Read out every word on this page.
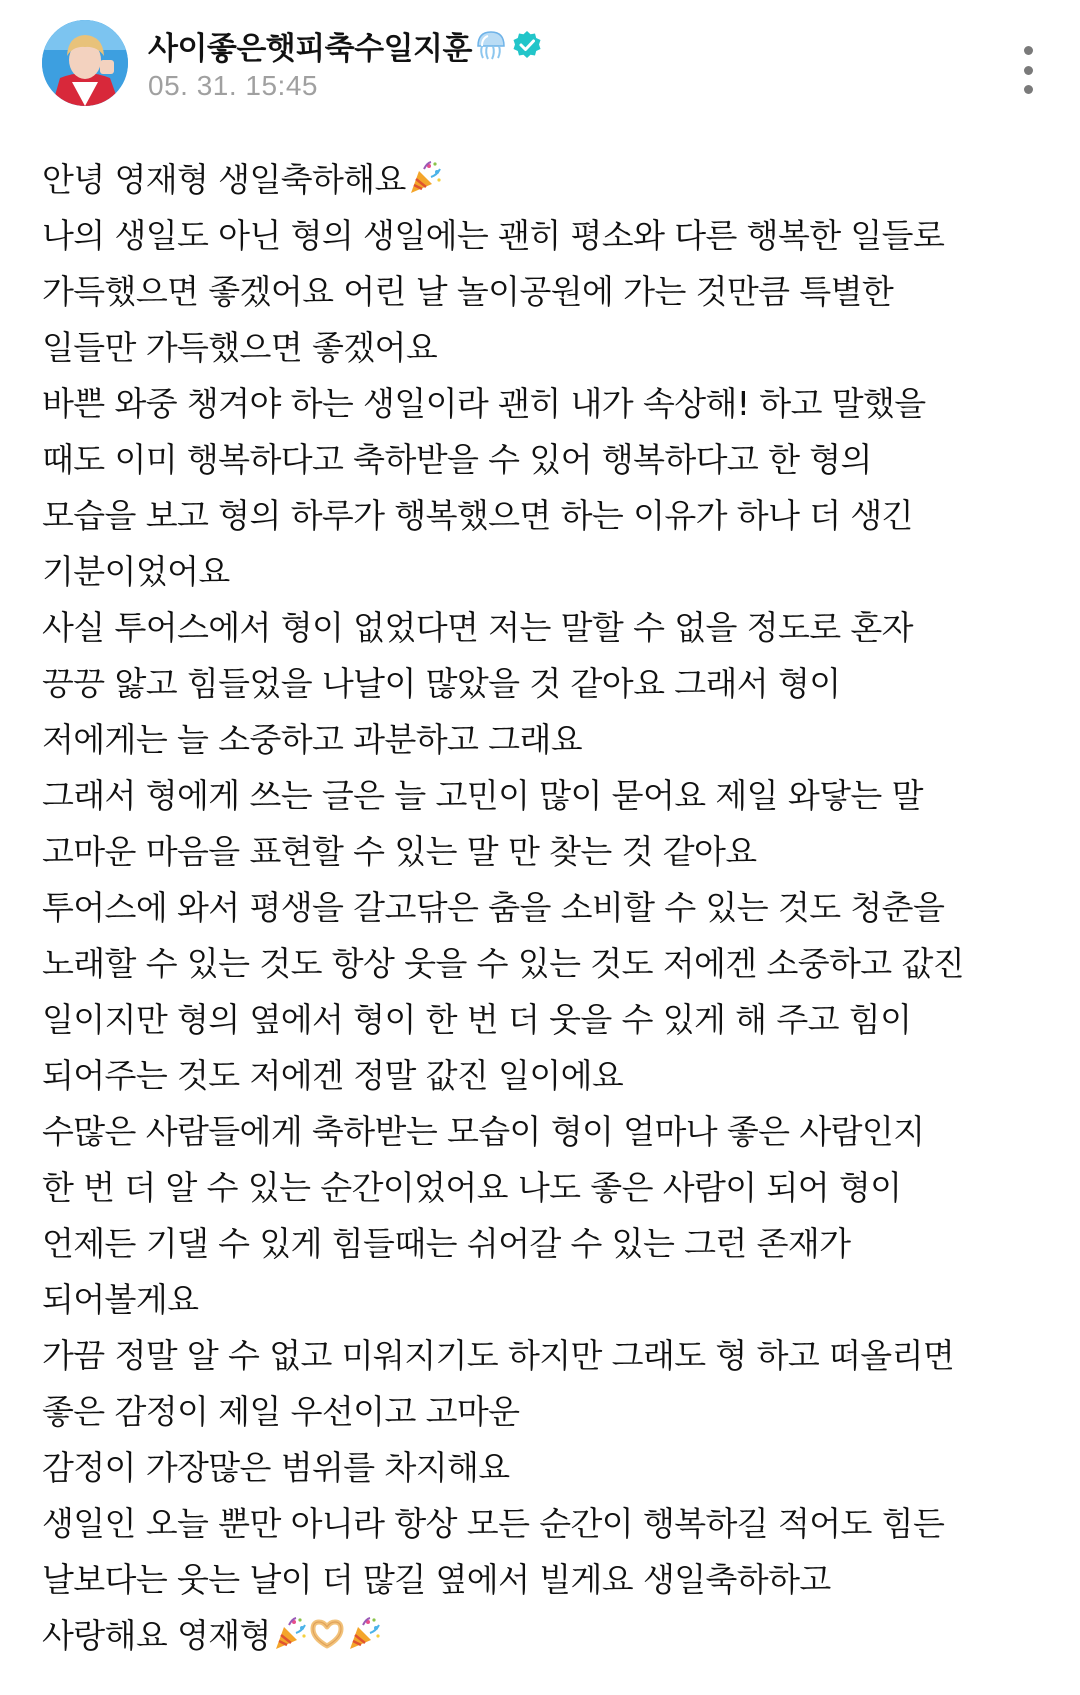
사이좋은햇피축수일지훈
05. 31. 15:45
안녕 영재형 생일축하해요
나의 생일도 아닌 형의 생일에는 괜히 평소와 다른 행복한 일들로
가득했으면 좋겠어요 어린 날 놀이공원에 가는 것만큼 특별한
일들만 가득했으면 좋겠어요
바쁜 와중 챙겨야 하는 생일이라 괜히 내가 속상해! 하고 말했을
때도 이미 행복하다고 축하받을 수 있어 행복하다고 한 형의
모습을 보고 형의 하루가 행복했으면 하는 이유가 하나 더 생긴
기분이었어요
사실 투어스에서 형이 없었다면 저는 말할 수 없을 정도로 혼자
끙끙 앓고 힘들었을 나날이 많았을 것 같아요 그래서 형이
저에게는 늘 소중하고 과분하고 그래요
그래서 형에게 쓰는 글은 늘 고민이 많이 묻어요 제일 와닿는 말
고마운 마음을 표현할 수 있는 말 만 찾는 것 같아요
투어스에 와서 평생을 갈고닦은 춤을 소비할 수 있는 것도 청춘을
노래할 수 있는 것도 항상 웃을 수 있는 것도 저에겐 소중하고 값진
일이지만 형의 옆에서 형이 한 번 더 웃을 수 있게 해 주고 힘이
되어주는 것도 저에겐 정말 값진 일이에요
수많은 사람들에게 축하받는 모습이 형이 얼마나 좋은 사람인지
한 번 더 알 수 있는 순간이었어요 나도 좋은 사람이 되어 형이
언제든 기댈 수 있게 힘들때는 쉬어갈 수 있는 그런 존재가
되어볼게요
가끔 정말 알 수 없고 미워지기도 하지만 그래도 형 하고 떠올리면
좋은 감정이 제일 우선이고 고마운
감정이 가장많은 범위를 차지해요
생일인 오늘 뿐만 아니라 항상 모든 순간이 행복하길 적어도 힘든
날보다는 웃는 날이 더 많길 옆에서 빌게요 생일축하하고
사랑해요 영재형
